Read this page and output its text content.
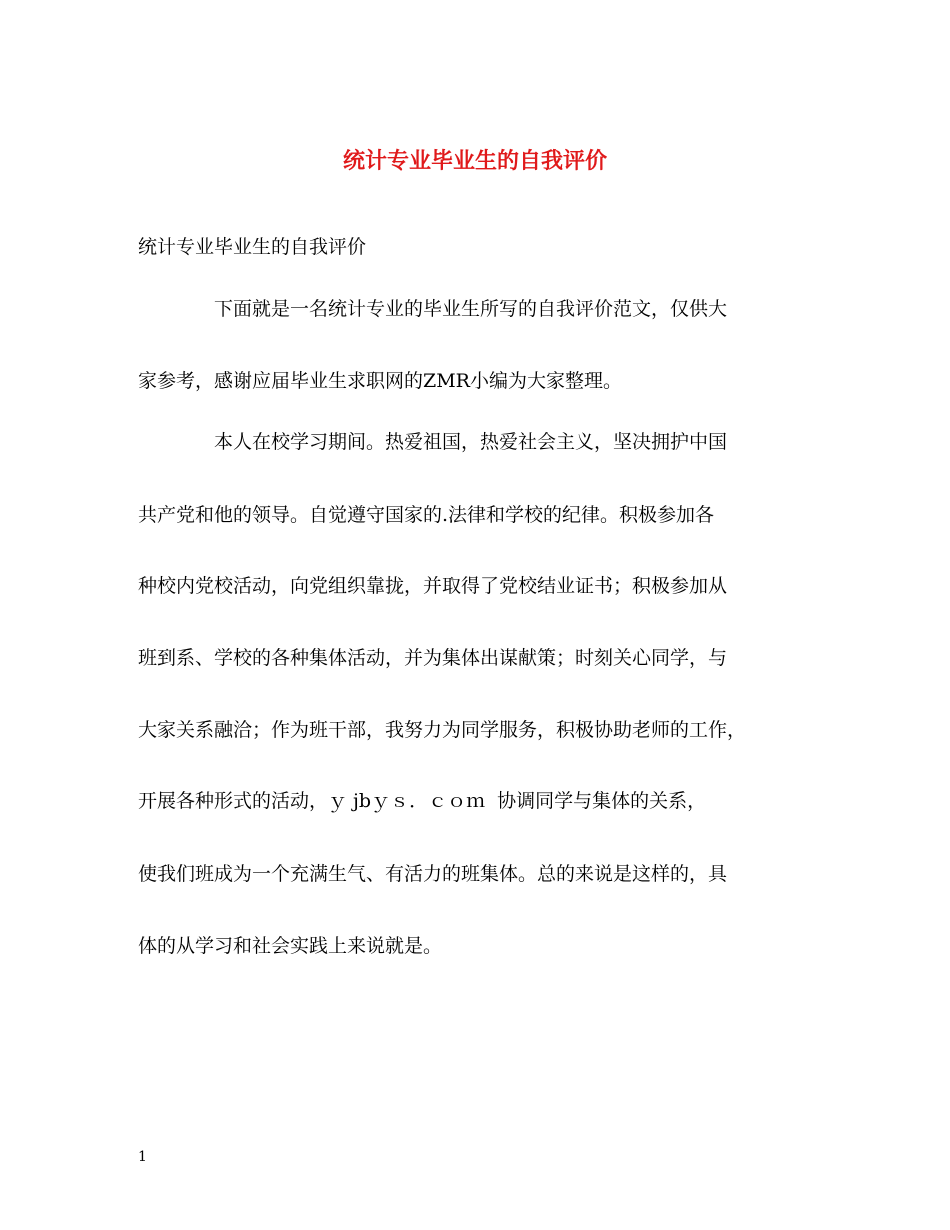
统计专业毕业生的自我评价

统计专业毕业生的自我评价

下面就是一名统计专业的毕业生所写的自我评价范文，仅供大

家参考，感谢应届毕业生求职网的ZMR小编为大家整理。

本人在校学习期间。热爱祖国，热爱社会主义，坚决拥护中国

共产党和他的领导。自觉遵守国家的.法律和学校的纪律。积极参加各

种校内党校活动，向党组织靠拢，并取得了党校结业证书；积极参加从

班到系、学校的各种集体活动，并为集体出谋献策；时刻关心同学，与

大家关系融洽；作为班干部，我努力为同学服务，积极协助老师的工作，

开展各种形式的活动，ｙ jbｙｓ．ｃｏｍ  协调同学与集体的关系，

使我们班成为一个充满生气、有活力的班集体。总的来说是这样的，具

体的从学习和社会实践上来说就是。

1
